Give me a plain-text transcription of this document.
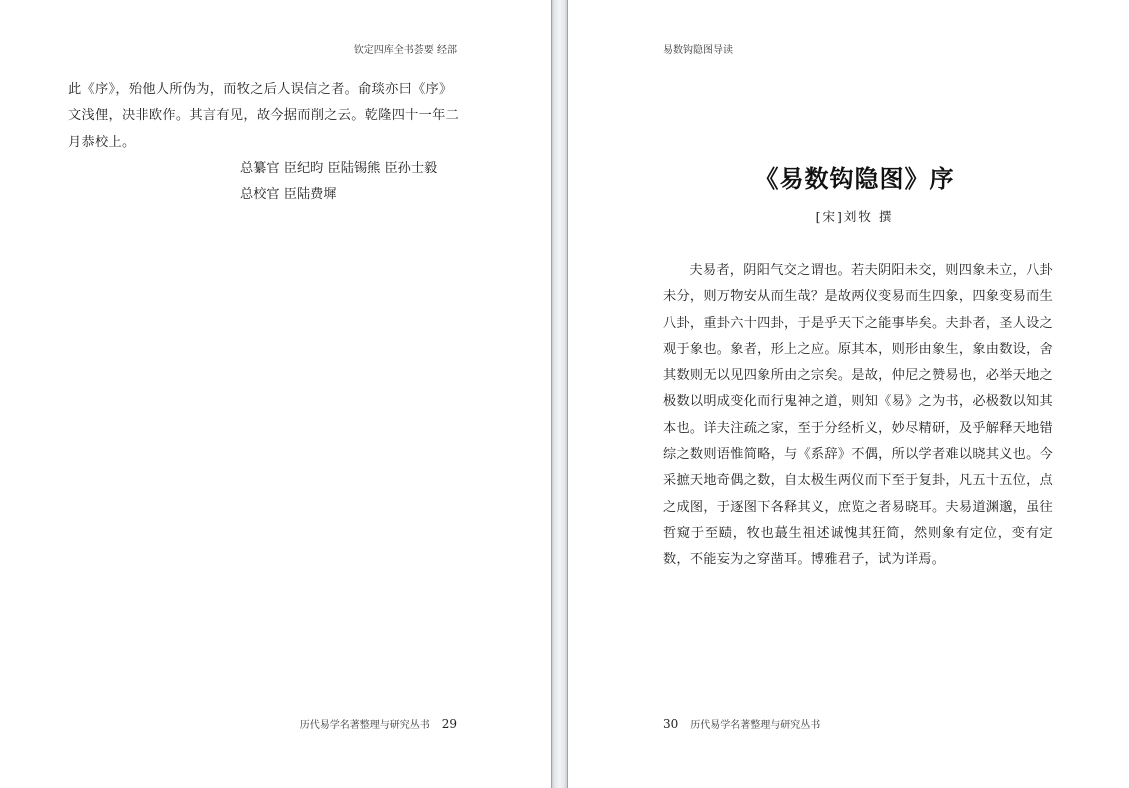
钦定四库全书荟要 经部

此《序》，殆他人所伪为，而牧之后人误信之者。俞琰亦曰《序》文浅俚，决非欧作。其言有见，故今据而削之云。乾隆四十一年二月恭校上。

总纂官 臣纪昀 臣陆锡熊 臣孙士毅
总校官 臣陆费墀
历代易学名著整理与研究丛书 29
易数钩隐图导读
《易数钩隐图》序
[宋]刘牧 撰

夫易者，阴阳气交之谓也。若夫阴阳未交，则四象未立，八卦未分，则万物安从而生哉？是故两仪变易而生四象，四象变易而生八卦，重卦六十四卦，于是乎天下之能事毕矣。夫卦者，圣人设之观于象也。象者，形上之应。原其本，则形由象生，象由数设，舍其数则无以见四象所由之宗矣。是故，仲尼之赞易也，必举天地之极数以明成变化而行鬼神之道，则知《易》之为书，必极数以知其本也。详夫注疏之家，至于分经析义，妙尽精研，及乎解释天地错综之数则语惟简略，与《系辞》不偶，所以学者难以晓其义也。今采摭天地奇偶之数，自太极生两仪而下至于复卦，凡五十五位，点之成图，于逐图下各释其义，庶览之者易晓耳。夫易道渊邈，虽往哲窥于至赜，牧也蕞生祖述诚愧其狂简，然则象有定位，变有定数，不能妄为之穿凿耳。博雅君子，试为详焉。

30 历代易学名著整理与研究丛书
